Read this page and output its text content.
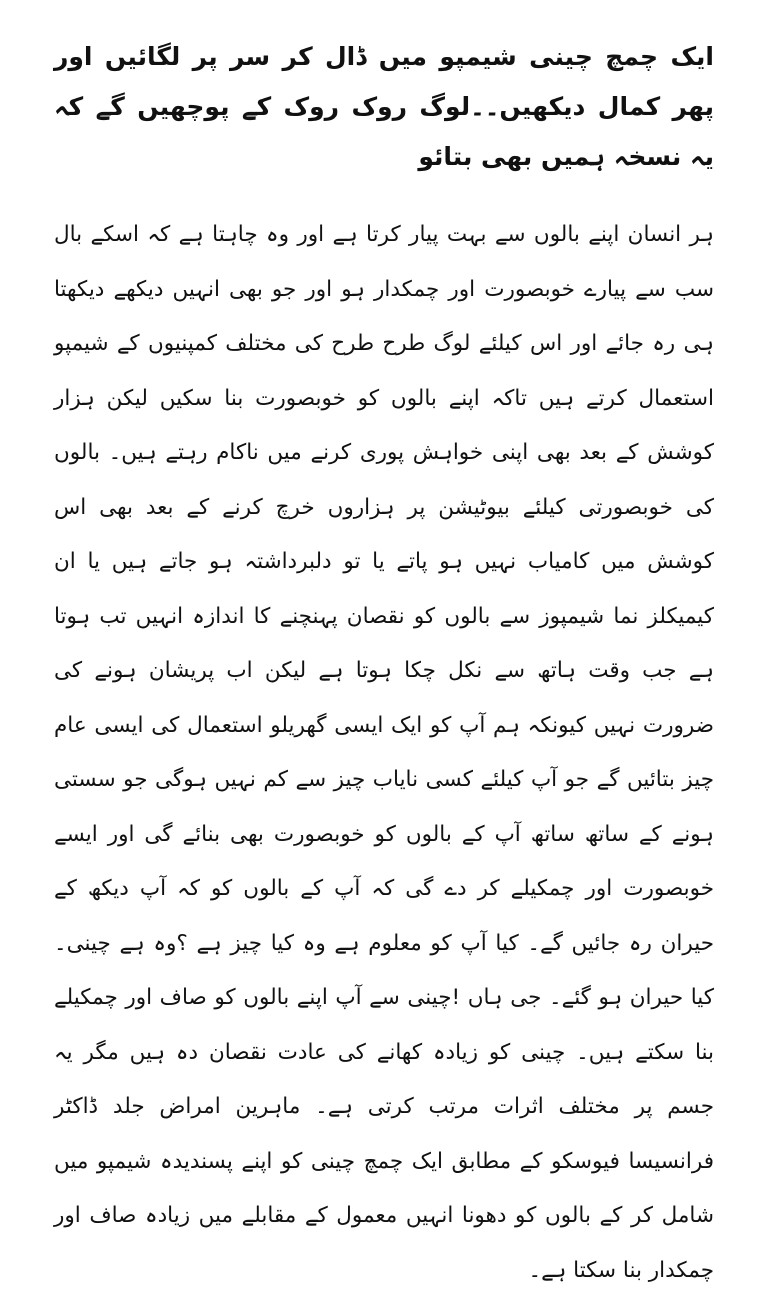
ایک چمچ چینی شیمپو میں ڈال کر سر پر لگائیں اور پھر کمال دیکھیں۔۔لوگ روک روک کے پوچھیں گے کہ یہ نسخہ ہمیں بھی بتائو

ہر انسان اپنے بالوں سے بہت پیار کرتا ہے اور وہ چاہتا ہے کہ اسکے بال سب سے پیارے خوبصورت اور چمکدار ہو اور جو بھی انہیں دیکھے دیکھتا ہی رہ جائے اور اس کیلئے لوگ طرح طرح کی مختلف کمپنیوں کے شیمپو استعمال کرتے ہیں تاکہ اپنے بالوں کو خوبصورت بنا سکیں لیکن ہزار کوشش کے بعد بھی اپنی خواہش پوری کرنے میں ناکام رہتے ہیں۔ بالوں کی خوبصورتی کیلئے بیوٹیشن پر ہزاروں خرچ کرنے کے بعد بھی اس کوشش میں کامیاب نہیں ہو پاتے یا تو دلبرداشتہ ہو جاتے ہیں یا ان کیمیکلز نما شیمپوز سے بالوں کو نقصان پہنچنے کا اندازہ انہیں تب ہوتا ہے جب وقت ہاتھ سے نکل چکا ہوتا ہے لیکن اب پریشان ہونے کی ضرورت نہیں کیونکہ ہم آپ کو ایک ایسی گھریلو استعمال کی ایسی عام چیز بتائیں گے جو آپ کیلئے کسی نایاب چیز سے کم نہیں ہوگی جو سستی ہونے کے ساتھ ساتھ آپ کے بالوں کو خوبصورت بھی بنائے گی اور ایسے خوبصورت اور چمکیلے کر دے گی کہ آپ کے بالوں کو کہ آپ دیکھ کے حیران رہ جائیں گے۔ کیا آپ کو معلوم ہے وہ کیا چیز ہے ؟وہ ہے چینی۔ کیا حیران ہو گئے۔ جی ہاں !چینی سے آپ اپنے بالوں کو صاف اور چمکیلے بنا سکتے ہیں۔ چینی کو زیادہ کھانے کی عادت نقصان دہ ہیں مگر یہ جسم پر مختلف اثرات مرتب کرتی ہے۔ ماہرین امراض جلد ڈاکٹر فرانسیسا فیوسکو کے مطابق ایک چمچ چینی کو اپنے پسندیدہ شیمپو میں شامل کر کے بالوں کو دھونا انہیں معمول کے مقابلے میں زیادہ صاف اور چمکدار بنا سکتا ہے۔
